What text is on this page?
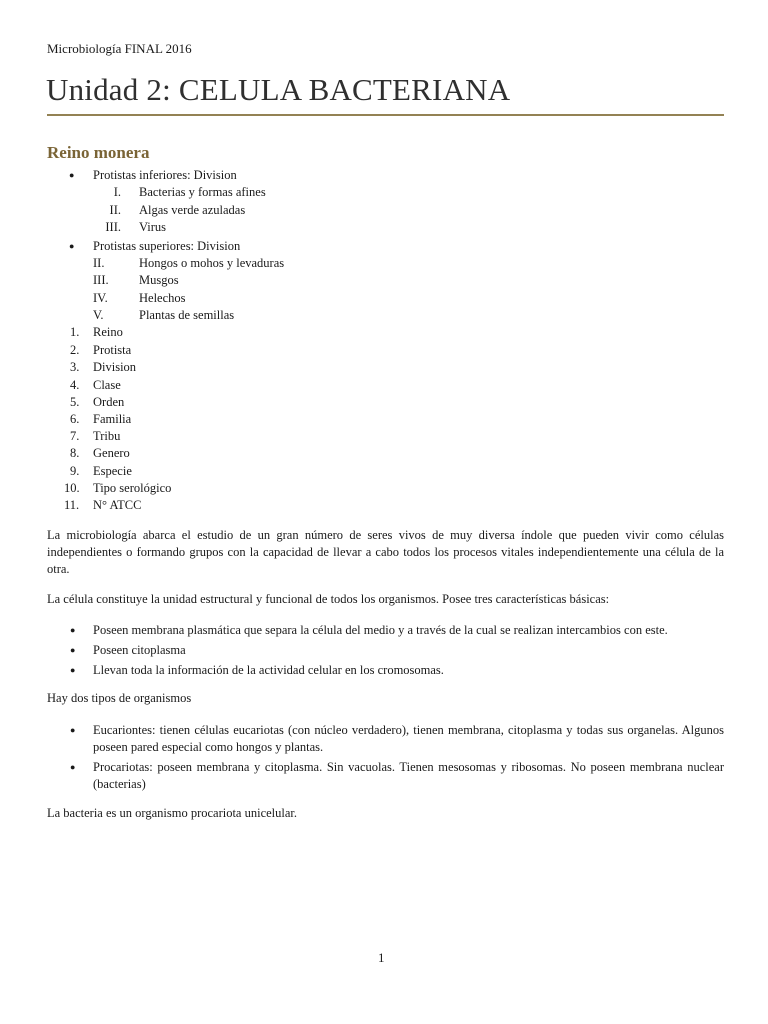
Microbiología FINAL 2016
Unidad 2: CELULA BACTERIANA
Reino monera
● Protistas inferiores: Division
I. Bacterias y formas afines
II. Algas verde azuladas
III. Virus
● Protistas superiores: Division
II.	Hongos o mohos y levaduras
III.	Musgos
IV.	Helechos
V.	Plantas de semillas
1. Reino
2. Protista
3. Division
4. Clase
5. Orden
6. Familia
7. Tribu
8. Genero
9. Especie
10. Tipo serológico
11. N° ATCC
La microbiología abarca el estudio de un gran número de seres vivos de muy diversa índole que pueden vivir como células independientes o formando grupos con la capacidad de llevar a cabo todos los procesos vitales independientemente una célula de la otra.
La célula constituye la unidad estructural y funcional de todos los organismos. Posee tres características básicas:
● Poseen membrana plasmática que separa la célula del medio y a través de la cual se realizan intercambios con este.
● Poseen citoplasma
● Llevan toda la información de la actividad celular en los cromosomas.
Hay dos tipos de organismos
● Eucariontes: tienen células eucariotas (con núcleo verdadero), tienen membrana, citoplasma y todas sus organelas. Algunos poseen pared especial como hongos y plantas.
● Procariotas: poseen membrana y citoplasma. Sin vacuolas. Tienen mesosomas y ribosomas. No poseen membrana nuclear (bacterias)
La bacteria es un organismo procariota unicelular.
1
